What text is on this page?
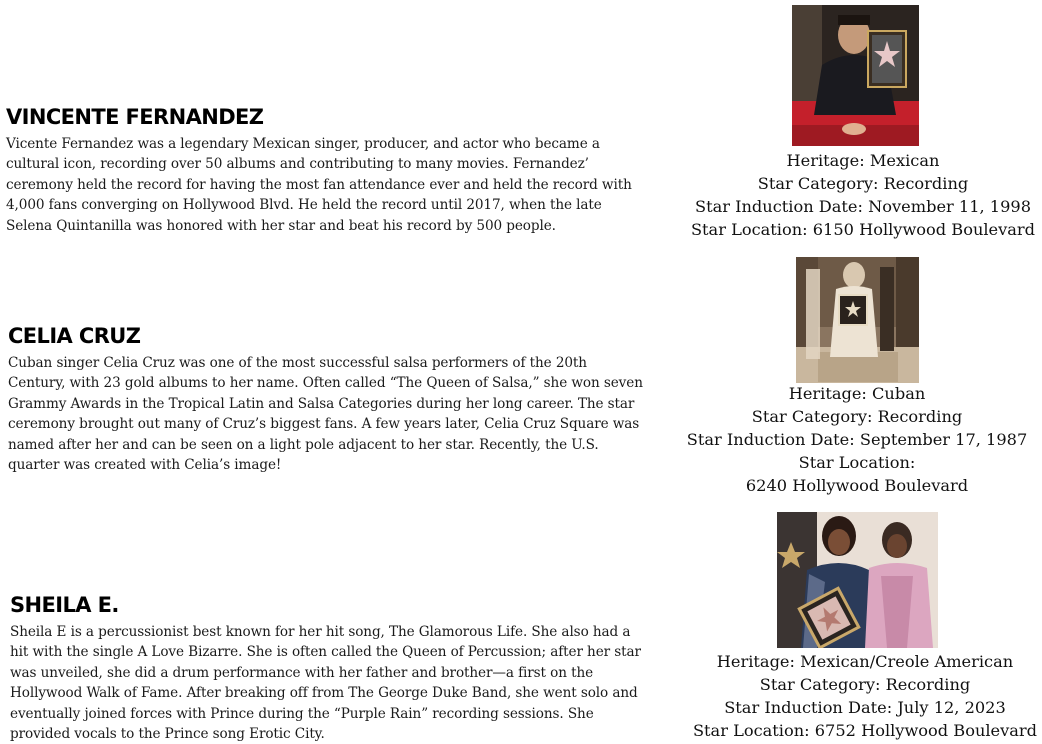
VINCENTE FERNANDEZ

Vicente Fernandez was a legendary Mexican singer, producer, and actor who became a cultural icon, recording over 50 albums and contributing to many movies. Fernandez’ ceremony held the record for having the most fan attendance ever and held the record with 4,000 fans converging on Hollywood Blvd. He held the record until 2017, when the late Selena Quintanilla was honored with her star and beat his record by 500 people.

Heritage: Mexican
Star Category: Recording
Star Induction Date: November 11, 1998
Star Location: 6150 Hollywood Boulevard
CELIA CRUZ

Cuban singer Celia Cruz was one of the most successful salsa performers of the 20th Century, with 23 gold albums to her name. Often called “The Queen of Salsa,” she won seven Grammy Awards in the Tropical Latin and Salsa Categories during her long career. The star ceremony brought out many of Cruz’s biggest fans. A few years later, Celia Cruz Square was named after her and can be seen on a light pole adjacent to her star. Recently, the U.S. quarter was created with Celia’s image!

Heritage: Cuban
Star Category: Recording
Star Induction Date: September 17, 1987
Star Location:
6240 Hollywood Boulevard
SHEILA E.

Sheila E is a percussionist best known for her hit song, The Glamorous Life. She also had a hit with the single A Love Bizarre. She is often called the Queen of Percussion; after her star was unveiled, she did a drum performance with her father and brother—a first on the Hollywood Walk of Fame. After breaking off from The George Duke Band, she went solo and eventually joined forces with Prince during the “Purple Rain” recording sessions. She provided vocals to the Prince song Erotic City.

Heritage: Mexican/Creole American
Star Category: Recording
Star Induction Date: July 12, 2023
Star Location: 6752 Hollywood Boulevard
